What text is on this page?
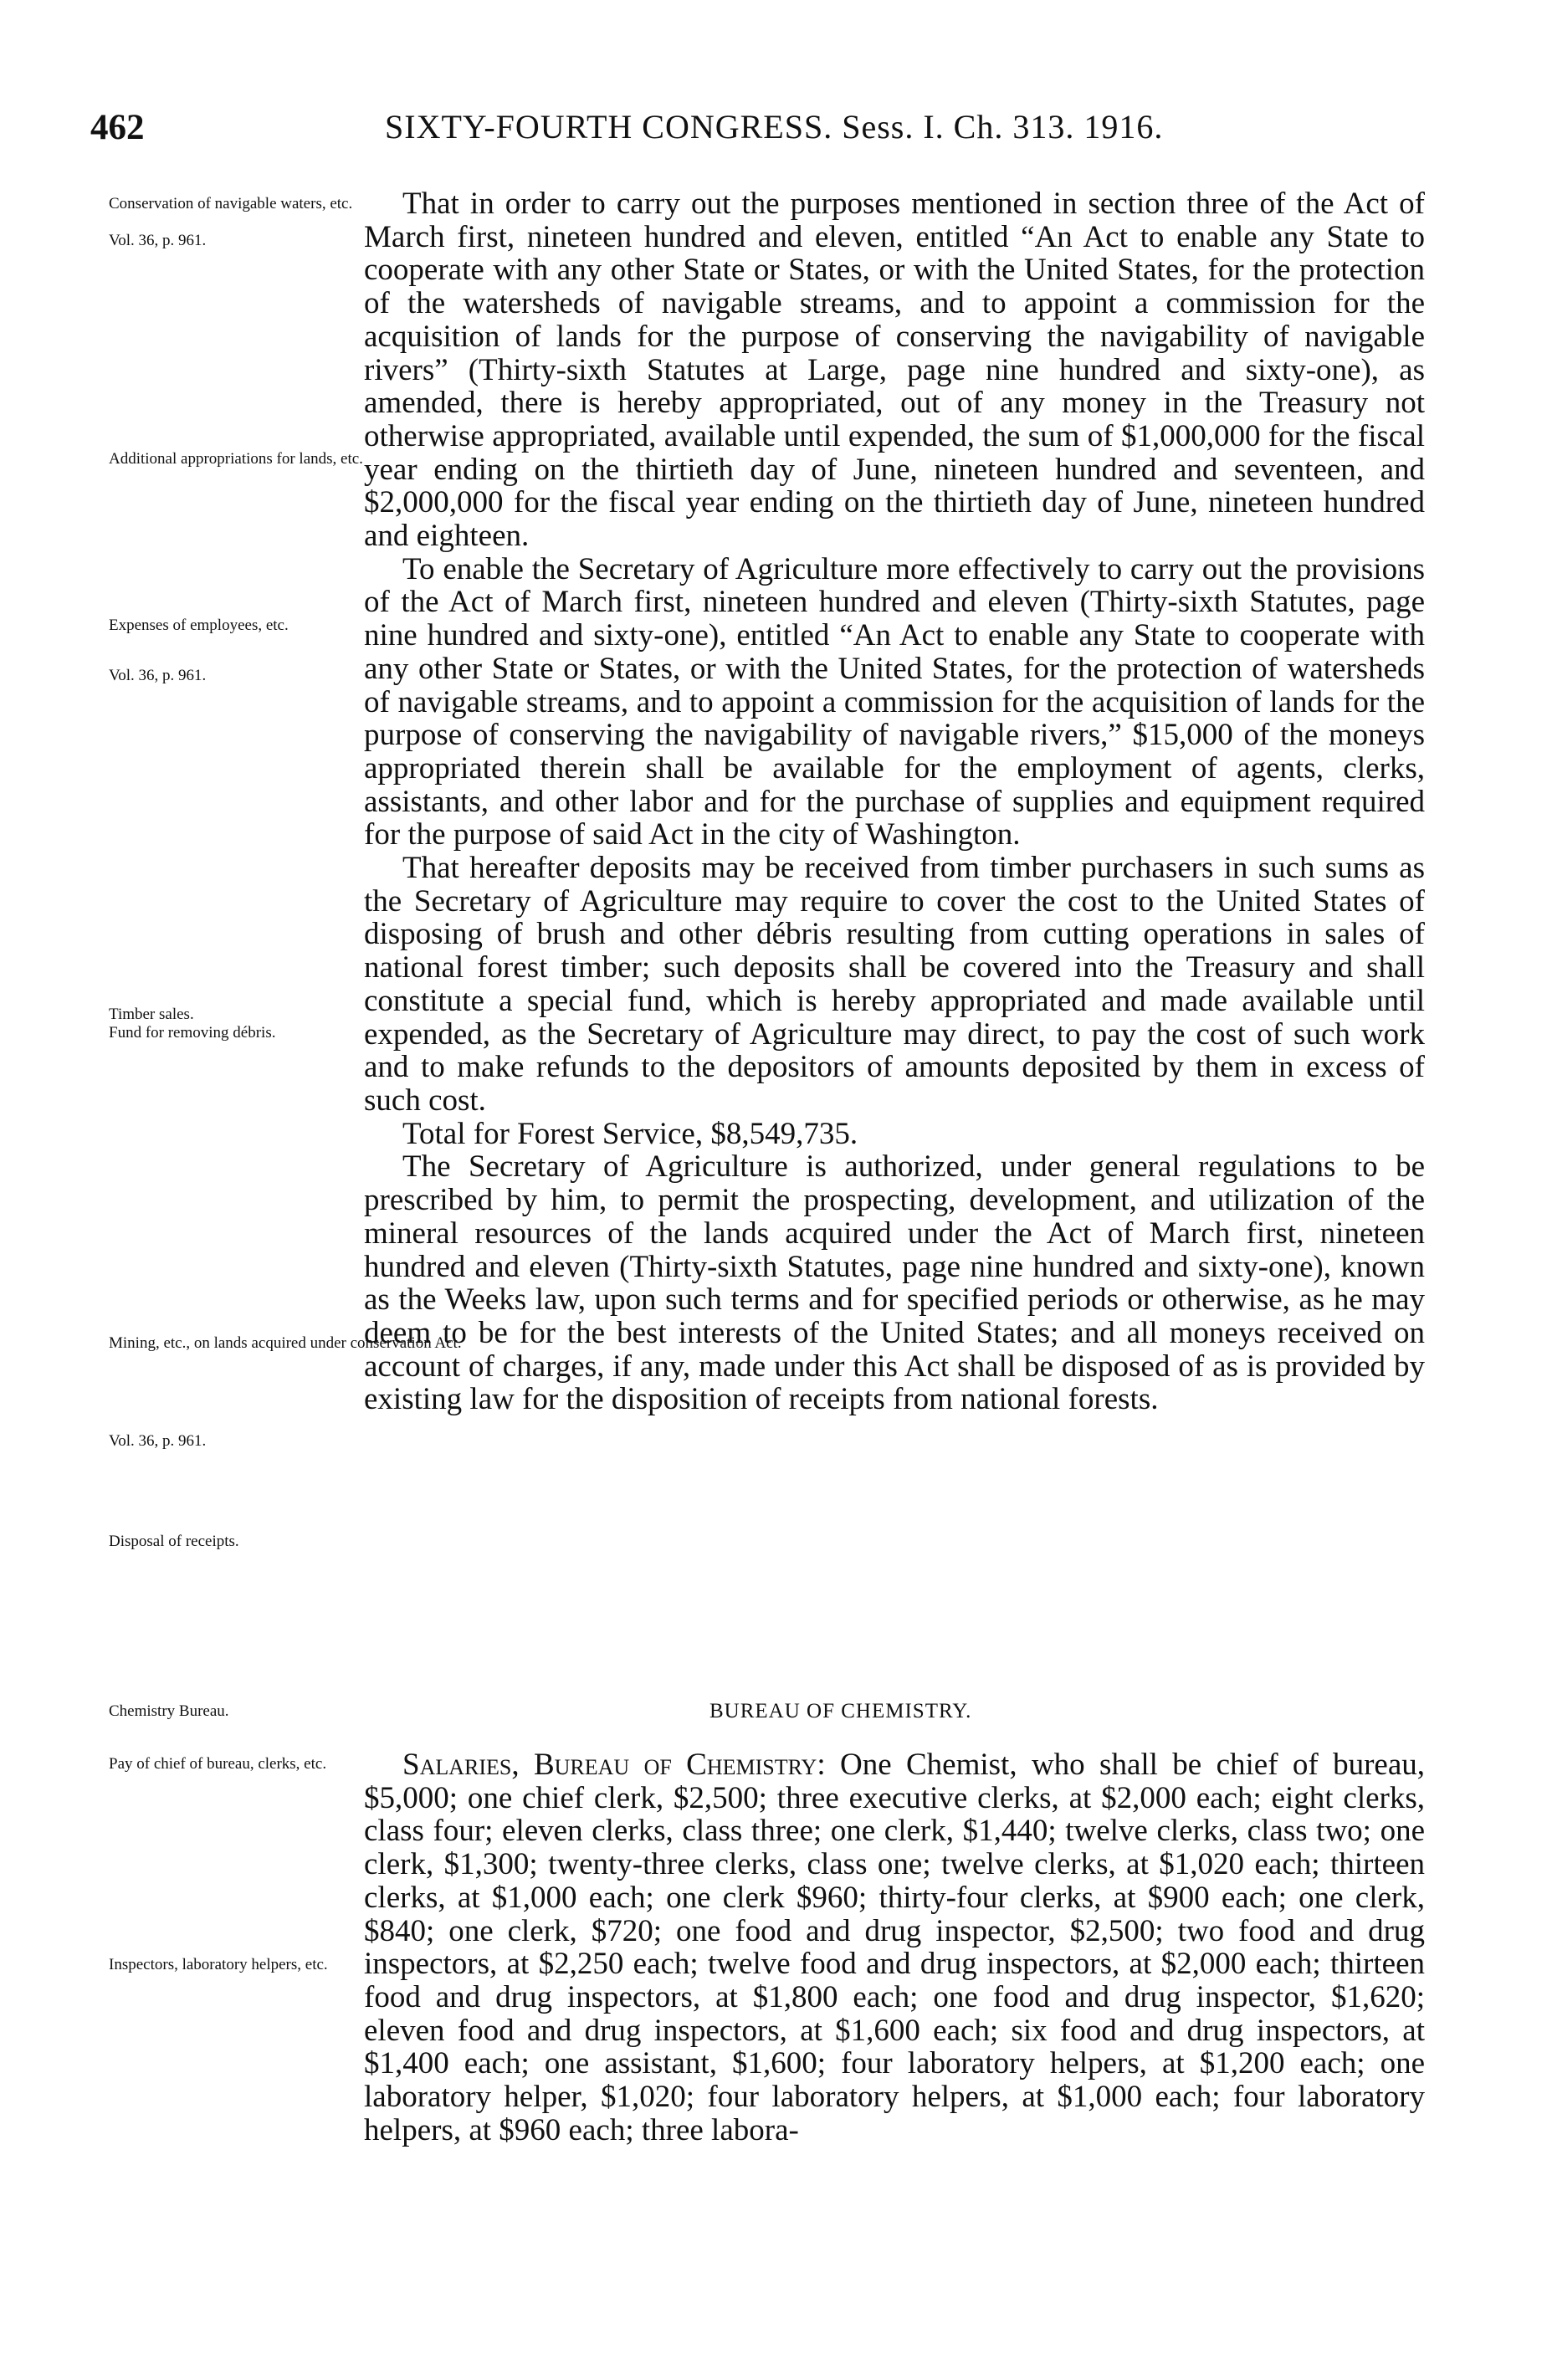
462	SIXTY-FOURTH CONGRESS. Sess. I. Ch. 313. 1916.
Conservation of navigable waters, etc.
Vol. 36, p. 961.
Additional appropriations for lands, etc.
Expenses of employees, etc.
Vol. 36, p. 961.
Timber sales.
Fund for removing débris.
Mining, etc., on lands acquired under conservation Act.
Vol. 36, p. 961.
Disposal of receipts.
Chemistry Bureau.
Pay of chief of bureau, clerks, etc.
Inspectors, laboratory helpers, etc.

That in order to carry out the purposes mentioned in section three of the Act of March first, nineteen hundred and eleven, entitled “An Act to enable any State to cooperate with any other State or States, or with the United States, for the protection of the watersheds of navigable streams, and to appoint a commission for the acquisition of lands for the purpose of conserving the navigability of navigable rivers” (Thirty-sixth Statutes at Large, page nine hundred and sixty-one), as amended, there is hereby appropriated, out of any money in the Treasury not otherwise appropriated, available until expended, the sum of $1,000,000 for the fiscal year ending on the thirtieth day of June, nineteen hundred and seventeen, and $2,000,000 for the fiscal year ending on the thirtieth day of June, nineteen hundred and eighteen.

To enable the Secretary of Agriculture more effectively to carry out the provisions of the Act of March first, nineteen hundred and eleven (Thirty-sixth Statutes, page nine hundred and sixty-one), entitled “An Act to enable any State to cooperate with any other State or States, or with the United States, for the protection of watersheds of navigable streams, and to appoint a commission for the acquisition of lands for the purpose of conserving the navigability of navigable rivers,” $15,000 of the moneys appropriated therein shall be available for the employment of agents, clerks, assistants, and other labor and for the purchase of supplies and equipment required for the purpose of said Act in the city of Washington.

That hereafter deposits may be received from timber purchasers in such sums as the Secretary of Agriculture may require to cover the cost to the United States of disposing of brush and other débris resulting from cutting operations in sales of national forest timber; such deposits shall be covered into the Treasury and shall constitute a special fund, which is hereby appropriated and made available until expended, as the Secretary of Agriculture may direct, to pay the cost of such work and to make refunds to the depositors of amounts deposited by them in excess of such cost.

Total for Forest Service, $8,549,735.

The Secretary of Agriculture is authorized, under general regulations to be prescribed by him, to permit the prospecting, development, and utilization of the mineral resources of the lands acquired under the Act of March first, nineteen hundred and eleven (Thirty-sixth Statutes, page nine hundred and sixty-one), known as the Weeks law, upon such terms and for specified periods or otherwise, as he may deem to be for the best interests of the United States; and all moneys received on account of charges, if any, made under this Act shall be disposed of as is provided by existing law for the disposition of receipts from national forests.

BUREAU OF CHEMISTRY.

Salaries, Bureau of Chemistry: One Chemist, who shall be chief of bureau, $5,000; one chief clerk, $2,500; three executive clerks, at $2,000 each; eight clerks, class four; eleven clerks, class three; one clerk, $1,440; twelve clerks, class two; one clerk, $1,300; twenty-three clerks, class one; twelve clerks, at $1,020 each; thirteen clerks, at $1,000 each; one clerk $960; thirty-four clerks, at $900 each; one clerk, $840; one clerk, $720; one food and drug inspector, $2,500; two food and drug inspectors, at $2,250 each; twelve food and drug inspectors, at $2,000 each; thirteen food and drug inspectors, at $1,800 each; one food and drug inspector, $1,620; eleven food and drug inspectors, at $1,600 each; six food and drug inspectors, at $1,400 each; one assistant, $1,600; four laboratory helpers, at $1,200 each; one laboratory helper, $1,020; four laboratory helpers, at $1,000 each; four laboratory helpers, at $960 each; three labora-
